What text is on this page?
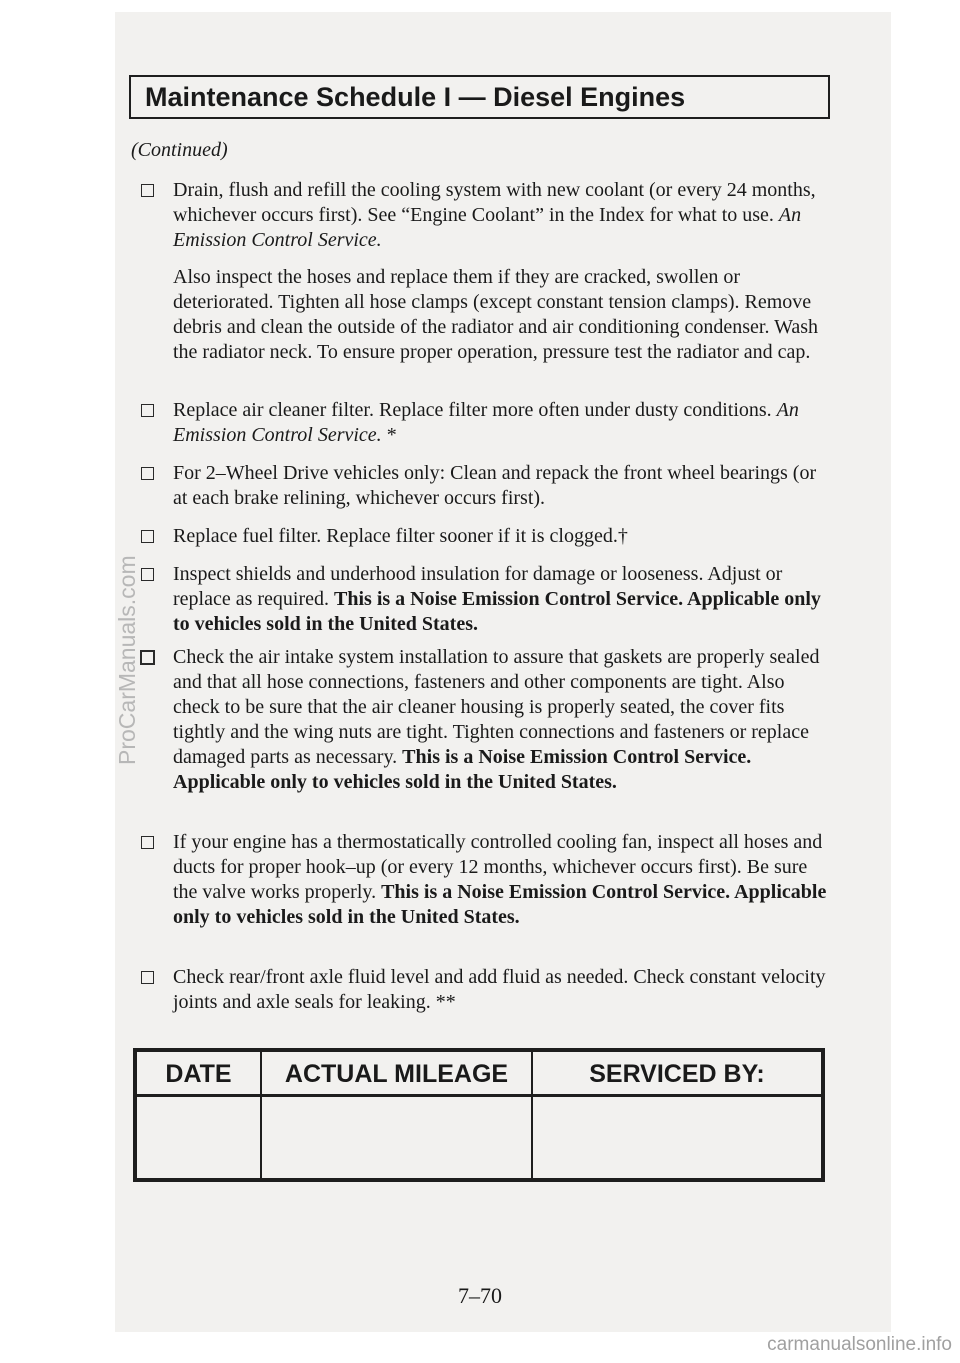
Maintenance Schedule I — Diesel Engines
(Continued)

Drain, flush and refill the cooling system with new coolant (or every 24 months, whichever occurs first). See “Engine Coolant” in the Index for what to use. An Emission Control Service.

Also inspect the hoses and replace them if they are cracked, swollen or deteriorated. Tighten all hose clamps (except constant tension clamps). Remove debris and clean the outside of the radiator and air conditioning condenser. Wash the radiator neck. To ensure proper operation, pressure test the radiator and cap.

Replace air cleaner filter. Replace filter more often under dusty conditions. An Emission Control Service. *
For 2–Wheel Drive vehicles only: Clean and repack the front wheel bearings (or at each brake relining, whichever occurs first).
Replace fuel filter. Replace filter sooner if it is clogged.†
Inspect shields and underhood insulation for damage or looseness. Adjust or replace as required. This is a Noise Emission Control Service. Applicable only to vehicles sold in the United States.
Check the air intake system installation to assure that gaskets are properly sealed and that all hose connections, fasteners and other components are tight. Also check to be sure that the air cleaner housing is properly seated, the cover fits tightly and the wing nuts are tight. Tighten connections and fasteners or replace damaged parts as necessary. This is a Noise Emission Control Service. Applicable only to vehicles sold in the United States.
If your engine has a thermostatically controlled cooling fan, inspect all hoses and ducts for proper hook–up (or every 12 months, whichever occurs first). Be sure the valve works properly. This is a Noise Emission Control Service. Applicable only to vehicles sold in the United States.
Check rear/front axle fluid level and add fluid as needed. Check constant velocity joints and axle seals for leaking. **
DATE	ACTUAL MILEAGE	SERVICED BY:
7–70
ProCarManuals.com
carmanualsonline.info
